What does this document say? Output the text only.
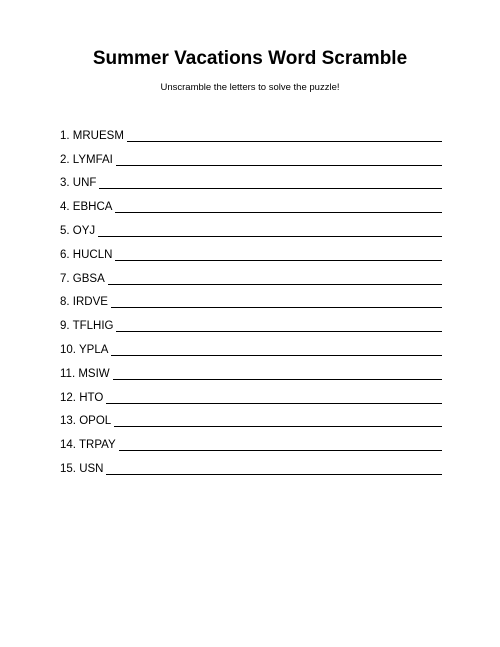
Summer Vacations Word Scramble
Unscramble the letters to solve the puzzle!
1. MRUESM
2. LYMFAI
3. UNF
4. EBHCA
5. OYJ
6. HUCLN
7. GBSA
8. IRDVE
9. TFLHIG
10. YPLA
11. MSIW
12. HTO
13. OPOL
14. TRPAY
15. USN
